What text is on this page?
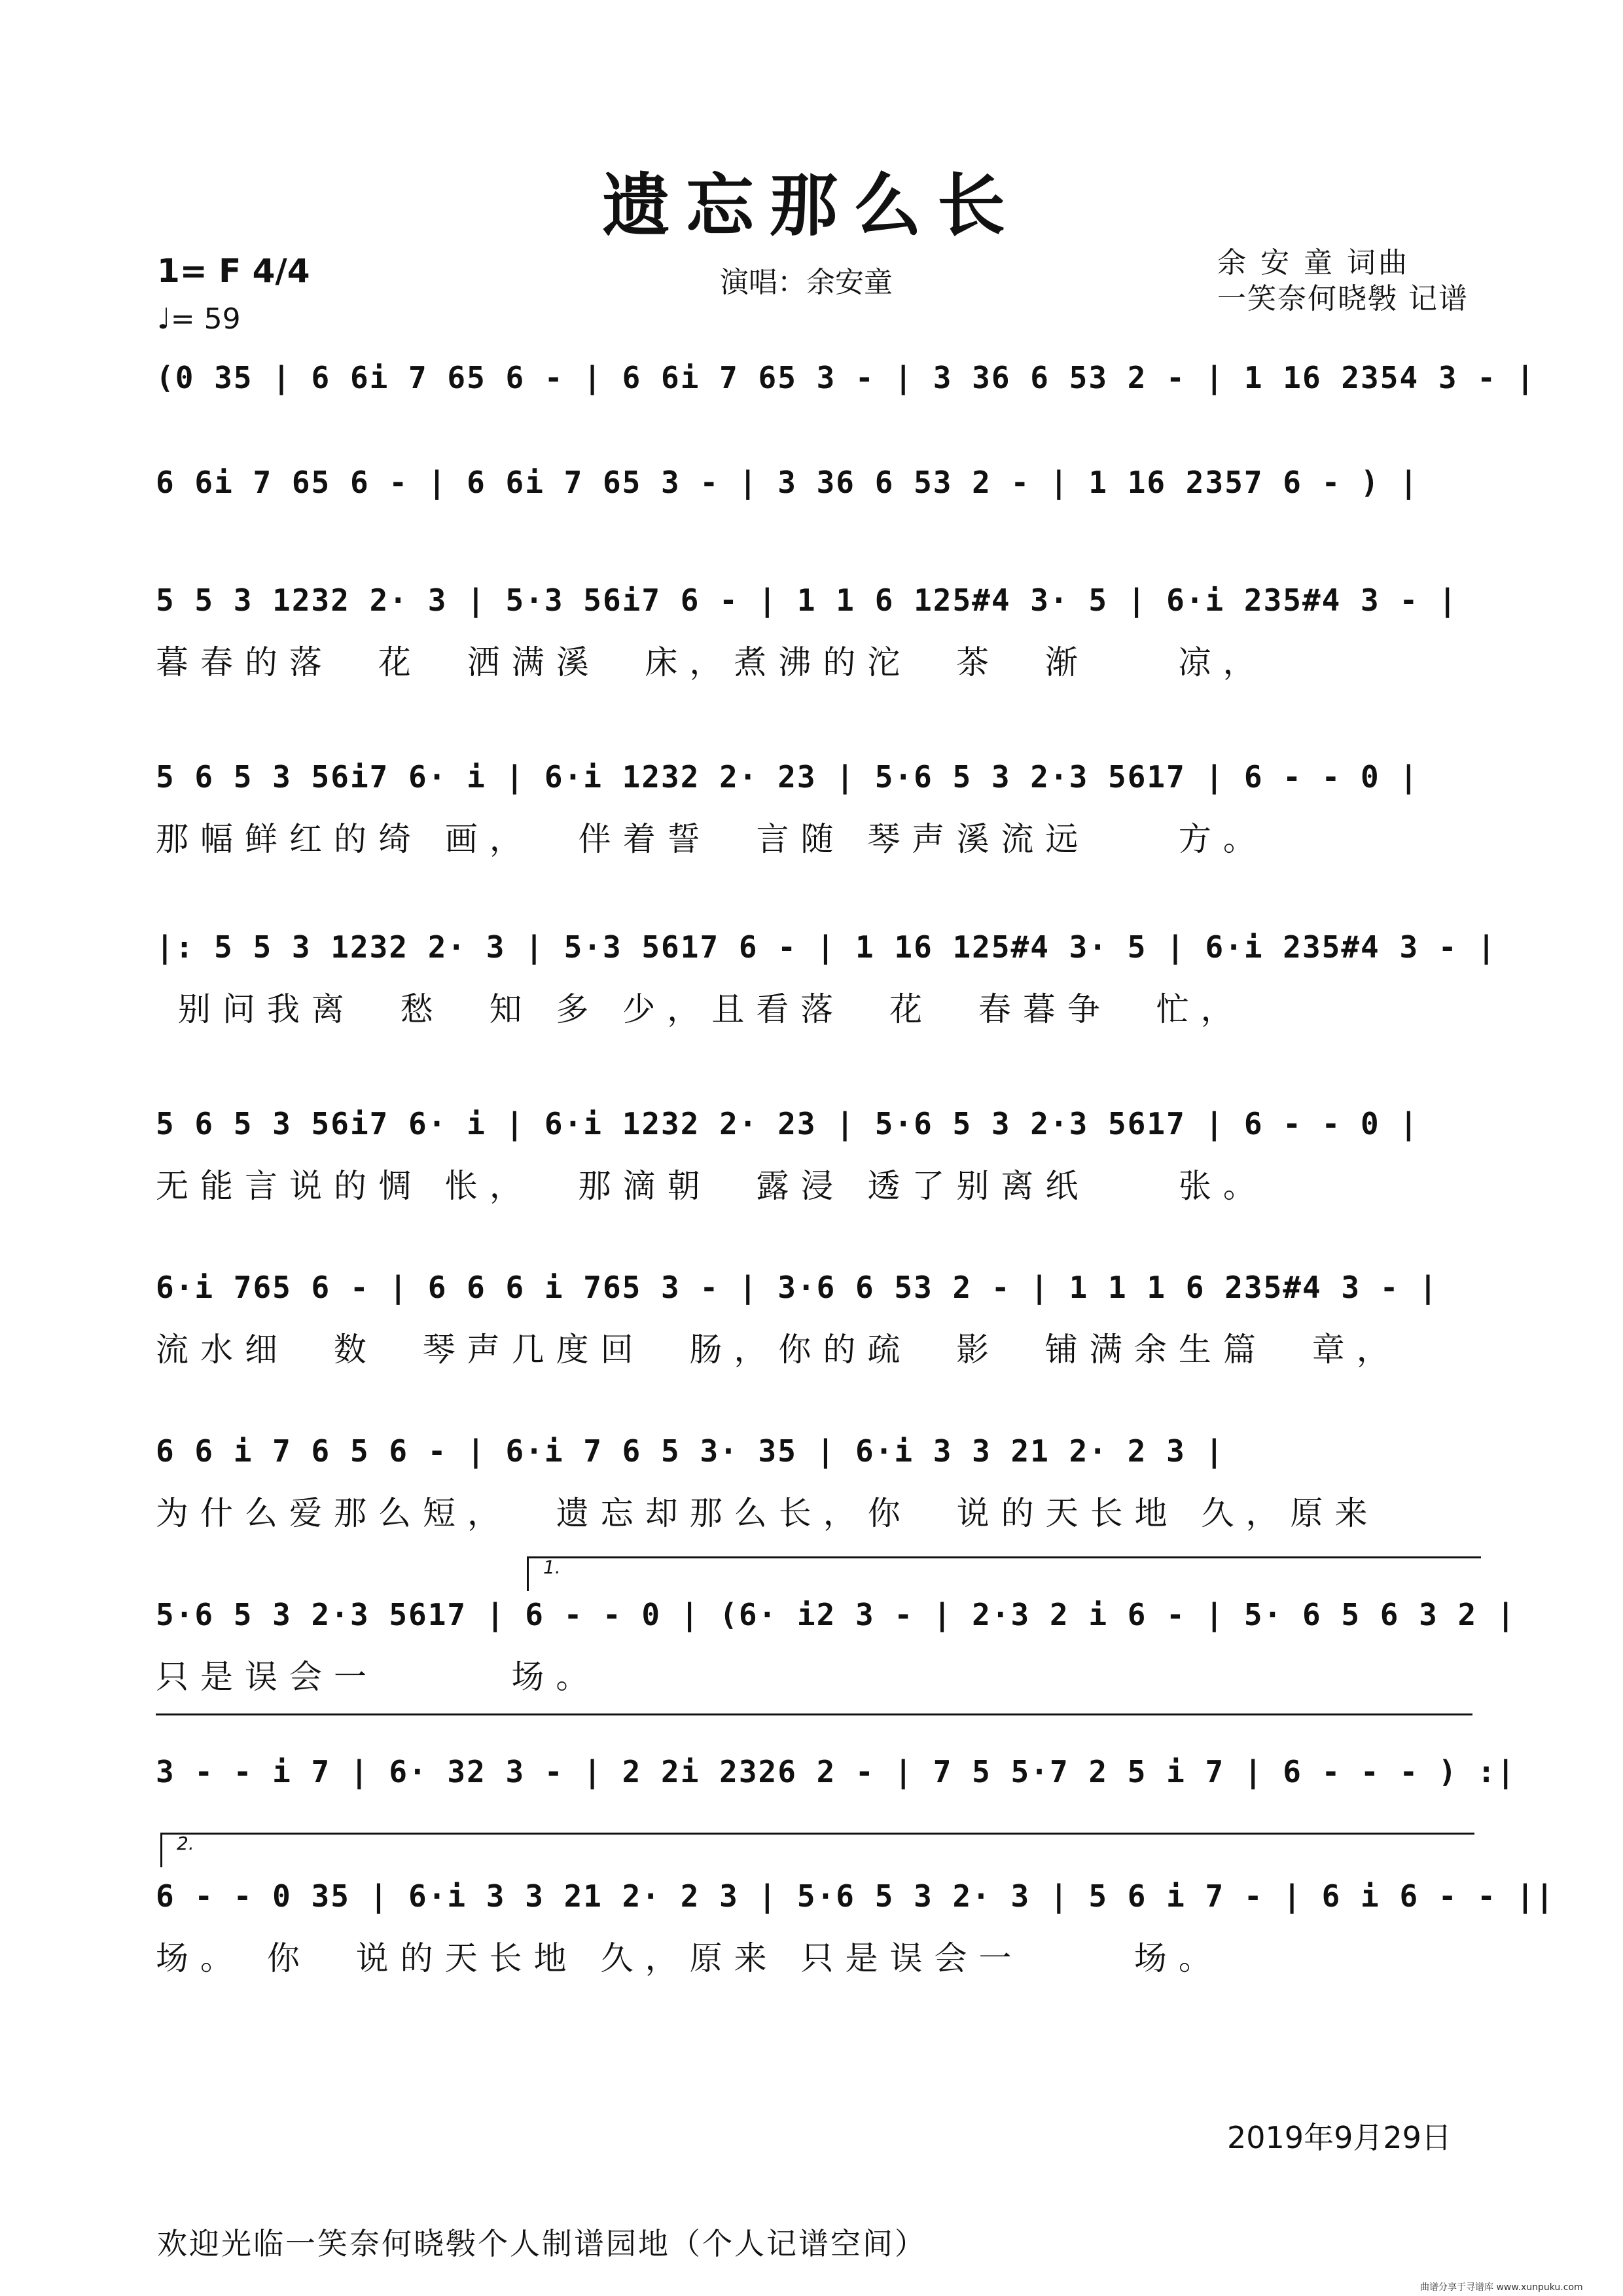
遗忘那么长
1= F 4/4
♩= 59
演唱：余安童
余 安 童 词曲
一笑奈何晓斅 记谱
(0 35 | 6 6i 7 65 6 - | 6 6i 7 65 3 - | 3 36 6 53 2 - | 1 16 2354 3 - |
6 6i 7 65 6 - | 6 6i 7 65 3 - | 3 36 6 53 2 - | 1 16 2357 6 - ) |
5 5 3 1232 2· 3 | 5·3 56i7 6 - | 1 1 6 125#4 3· 5 | 6·i 235#4 3 - |
暮春的落  花  洒满溪  床，煮沸的沱  茶  渐    凉，
5 6 5 3 56i7 6· i | 6·i 1232 2· 23 | 5·6 5 3 2·3 5617 | 6 - - 0 |
那幅鲜红的绮 画，  伴着誓  言随 琴声溪流远    方。
|: 5 5 3 1232 2· 3 | 5·3 5617 6 - | 1 16 125#4 3· 5 | 6·i 235#4 3 - |
别问我离  愁  知 多 少，且看落  花  春暮争  忙，
5 6 5 3 56i7 6· i | 6·i 1232 2· 23 | 5·6 5 3 2·3 5617 | 6 - - 0 |
无能言说的惆 怅，  那滴朝  露浸 透了别离纸    张。
6·i 765 6 - | 6 6 6 i 765 3 - | 3·6 6 53 2 - | 1 1 1 6 235#4 3 - |
流水细  数  琴声几度回  肠，你的疏  影  铺满余生篇  章，
6 6 i 7 6 5 6 - | 6·i 7 6 5 3· 35 | 6·i 3 3 21 2· 2 3 |
为什么爱那么短，  遗忘却那么长，你  说的天长地 久，原来
1.
5·6 5 3 2·3 5617 | 6 - - 0 | (6· i2 3 - | 2·3 2 i 6 - | 5· 6 5 6 3 2 |
只是误会一      场。
3 - - i 7 | 6· 32 3 - | 2 2i 2326 2 - | 7 5 5·7 2 5 i 7 | 6 - - - ) :|
2.
6 - - 0 35 | 6·i 3 3 21 2· 2 3 | 5·6 5 3 2· 3 | 5 6 i 7 - | 6 i 6 - - ||
场。 你  说的天长地 久，原来 只是误会一     场。
2019年9月29日
欢迎光临一笑奈何晓斅个人制谱园地（个人记谱空间）
曲谱分享于寻谱库 www.xunpuku.com
